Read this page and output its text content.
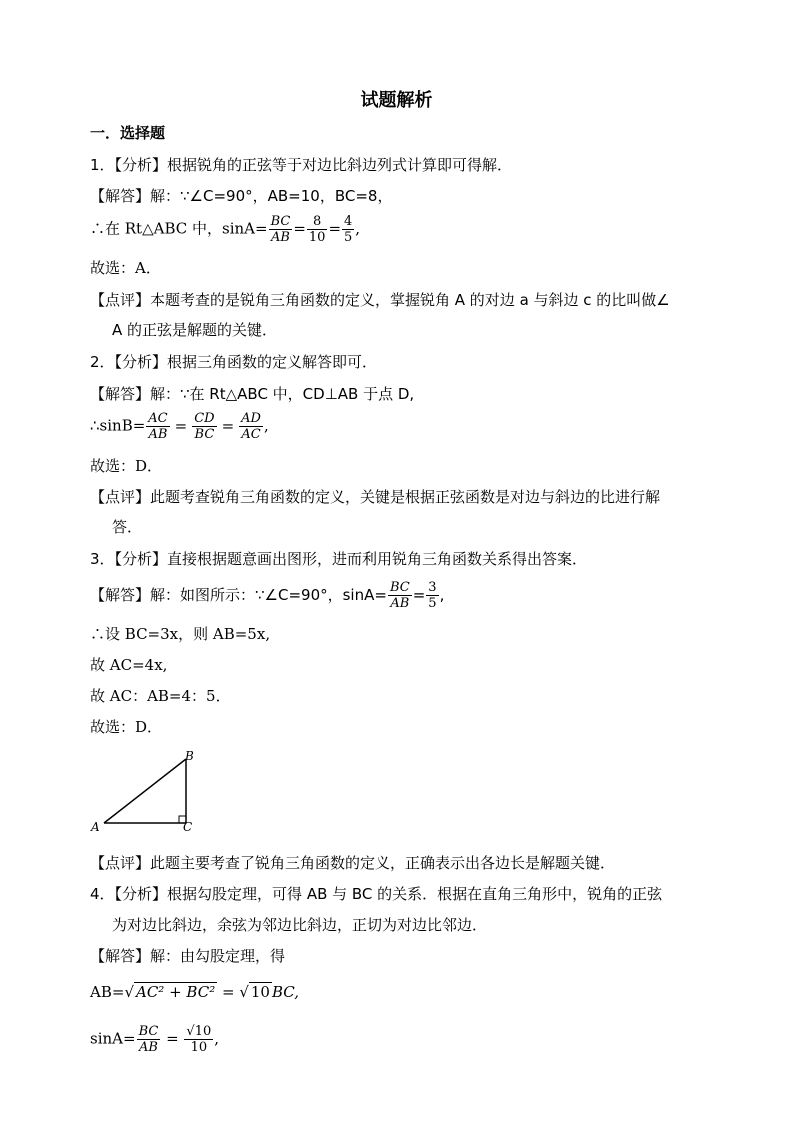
试题解析
一．选择题
1．【分析】根据锐角的正弦等于对边比斜边列式计算即可得解．
【解答】解：∵∠C=90°，AB=10，BC=8，
∴在 Rt△ABC 中，$\sin A= \frac{BC}{AB} = \frac{8}{10} = \frac{4}{5}$ ,
故选：A．
【点评】本题考查的是锐角三角函数的定义，掌握锐角 A 的对边 a 与斜边 c 的比叫做∠
A 的正弦是解题的关键．
2．【分析】根据三角函数的定义解答即可．
【解答】解：∵在 Rt△ABC 中，CD⊥AB 于点 D,
∴sinB= $\frac{AC}{AB} = \frac{CD}{BC} = \frac{AD}{AC}$ ,
故选：D．
【点评】此题考查锐角三角函数的定义，关键是根据正弦函数是对边与斜边的比进行解
答．
3．【分析】直接根据题意画出图形，进而利用锐角三角函数关系得出答案．
【解答】解：如图所示：∵∠C=90°，$\sin A= \frac{BC}{AB} = \frac{3}{5}$ ,
∴设 BC=3x，则 AB=5x,
故 AC=4x,
故 AC：AB=4：5．
故选：D．
A
B
C
【点评】此题主要考查了锐角三角函数的定义，正确表示出各边长是解题关键．
4．【分析】根据勾股定理，可得 AB 与 BC 的关系．根据在直角三角形中，锐角的正弦
为对边比斜边，余弦为邻边比斜边，正切为对边比邻边．
【解答】解：由勾股定理，得
AB=√ AC² + BC² = √ 10 BC,
$\sin A= \frac{BC}{AB} = \frac{√10}{10}$ ,
